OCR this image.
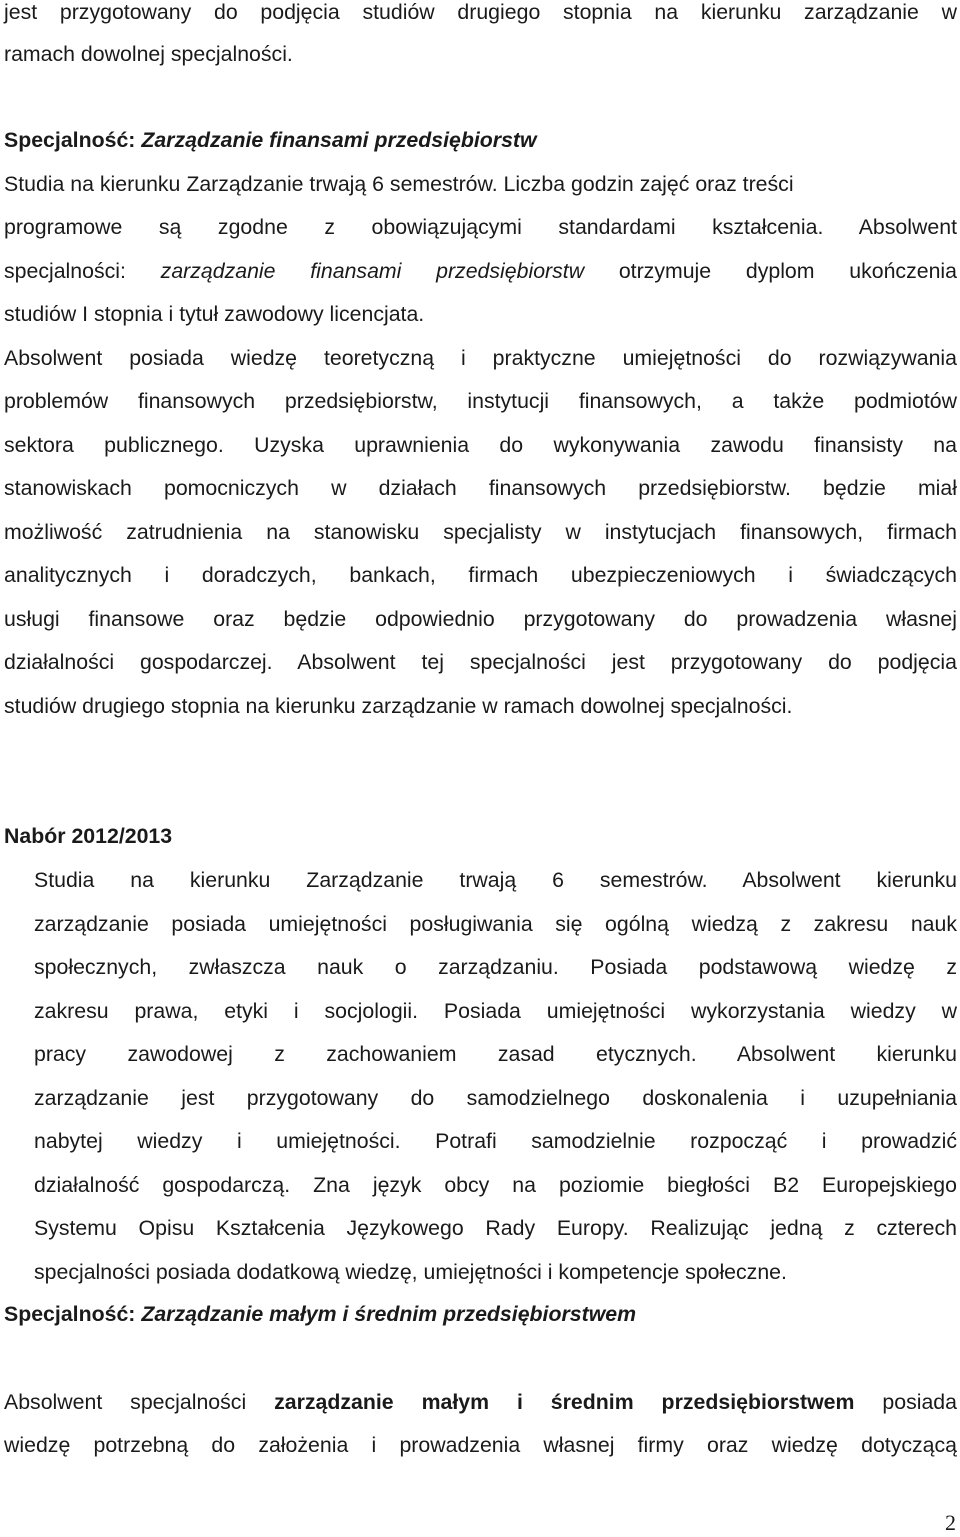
jest przygotowany do podjęcia studiów drugiego stopnia na kierunku zarządzanie w
ramach dowolnej specjalności.
Specjalność: Zarządzanie finansami przedsiębiorstw
Studia na kierunku Zarządzanie trwają 6 semestrów. Liczba godzin zajęć oraz treści
programowe są zgodne z obowiązującymi standardami kształcenia. Absolwent
specjalności: zarządzanie finansami przedsiębiorstw otrzymuje dyplom ukończenia
studiów I stopnia i tytuł zawodowy licencjata.
Absolwent posiada wiedzę teoretyczną i praktyczne umiejętności do rozwiązywania
problemów finansowych przedsiębiorstw, instytucji finansowych, a także podmiotów
sektora publicznego. Uzyska uprawnienia do wykonywania zawodu finansisty na
stanowiskach pomocniczych w działach finansowych przedsiębiorstw. będzie miał
możliwość zatrudnienia na stanowisku specjalisty w instytucjach finansowych, firmach
analitycznych i doradczych, bankach, firmach ubezpieczeniowych i świadczących
usługi finansowe oraz będzie odpowiednio przygotowany do prowadzenia własnej
działalności gospodarczej. Absolwent tej specjalności jest przygotowany do podjęcia
studiów drugiego stopnia na kierunku zarządzanie w ramach dowolnej specjalności.
Nabór 2012/2013
Studia na kierunku Zarządzanie trwają 6 semestrów. Absolwent kierunku
zarządzanie posiada umiejętności posługiwania się ogólną wiedzą z zakresu nauk
społecznych, zwłaszcza nauk o zarządzaniu. Posiada podstawową wiedzę z
zakresu prawa, etyki i socjologii. Posiada umiejętności wykorzystania wiedzy w
pracy zawodowej z zachowaniem zasad etycznych. Absolwent kierunku
zarządzanie jest przygotowany do samodzielnego doskonalenia i uzupełniania
nabytej wiedzy i umiejętności. Potrafi samodzielnie rozpocząć i prowadzić
działalność gospodarczą. Zna język obcy na poziomie biegłości B2 Europejskiego
Systemu Opisu Kształcenia Językowego Rady Europy. Realizując jedną z czterech
specjalności posiada dodatkową wiedzę, umiejętności i kompetencje społeczne.
Specjalność: Zarządzanie małym i średnim przedsiębiorstwem
Absolwent specjalności zarządzanie małym i średnim przedsiębiorstwem posiada
wiedzę potrzebną do założenia i prowadzenia własnej firmy oraz wiedzę dotyczącą
2
